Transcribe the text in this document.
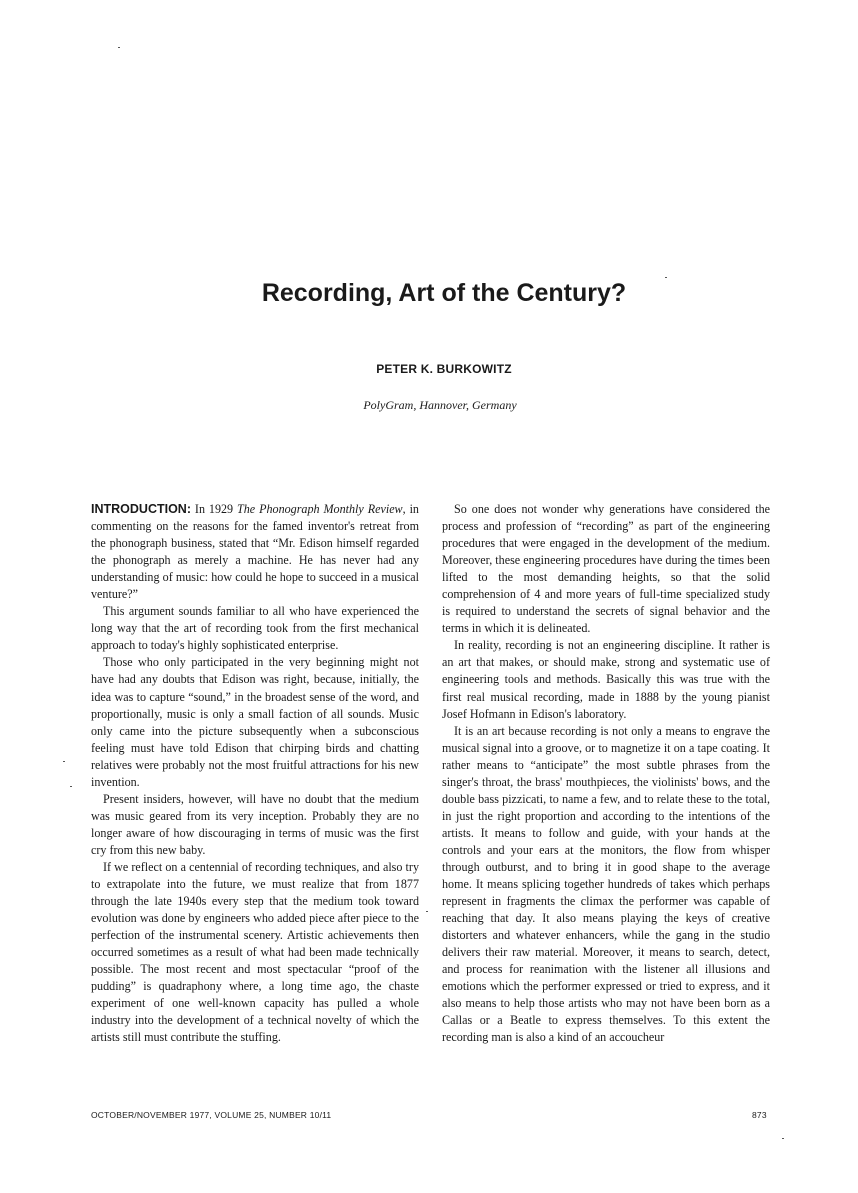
Recording, Art of the Century?
PETER K. BURKOWITZ
PolyGram, Hannover, Germany

INTRODUCTION: In 1929 The Phonograph Monthly Review, in commenting on the reasons for the famed inventor's retreat from the phonograph business, stated that “Mr. Edison himself regarded the phonograph as merely a machine. He has never had any understanding of music: how could he hope to succeed in a musical venture?”

This argument sounds familiar to all who have experienced the long way that the art of recording took from the first mechanical approach to today's highly sophisticated enterprise.

Those who only participated in the very beginning might not have had any doubts that Edison was right, because, initially, the idea was to capture “sound,” in the broadest sense of the word, and proportionally, music is only a small faction of all sounds. Music only came into the picture subsequently when a subconscious feeling must have told Edison that chirping birds and chatting relatives were probably not the most fruitful attractions for his new invention.

Present insiders, however, will have no doubt that the medium was music geared from its very inception. Probably they are no longer aware of how discouraging in terms of music was the first cry from this new baby.

If we reflect on a centennial of recording techniques, and also try to extrapolate into the future, we must realize that from 1877 through the late 1940s every step that the medium took toward evolution was done by engineers who added piece after piece to the perfection of the instrumental scenery. Artistic achievements then occurred sometimes as a result of what had been made technically possible. The most recent and most spectacular “proof of the pudding” is quadraphony where, a long time ago, the chaste experiment of one well-known capacity has pulled a whole industry into the development of a technical novelty of which the artists still must contribute the stuffing.

So one does not wonder why generations have considered the process and profession of “recording” as part of the engineering procedures that were engaged in the development of the medium. Moreover, these engineering procedures have during the times been lifted to the most demanding heights, so that the solid comprehension of 4 and more years of full-time specialized study is required to understand the secrets of signal behavior and the terms in which it is delineated.

In reality, recording is not an engineering discipline. It rather is an art that makes, or should make, strong and systematic use of engineering tools and methods. Basically this was true with the first real musical recording, made in 1888 by the young pianist Josef Hofmann in Edison's laboratory.

It is an art because recording is not only a means to engrave the musical signal into a groove, or to magnetize it on a tape coating. It rather means to “anticipate” the most subtle phrases from the singer's throat, the brass' mouthpieces, the violinists' bows, and the double bass pizzicati, to name a few, and to relate these to the total, in just the right proportion and according to the intentions of the artists. It means to follow and guide, with your hands at the controls and your ears at the monitors, the flow from whisper through outburst, and to bring it in good shape to the average home. It means splicing together hundreds of takes which perhaps represent in fragments the climax the performer was capable of reaching that day. It also means playing the keys of creative distorters and whatever enhancers, while the gang in the studio delivers their raw material. Moreover, it means to search, detect, and process for reanimation with the listener all illusions and emotions which the performer expressed or tried to express, and it also means to help those artists who may not have been born as a Callas or a Beatle to express themselves. To this extent the recording man is also a kind of an accoucheur

OCTOBER/NOVEMBER 1977, VOLUME 25, NUMBER 10/11	873
